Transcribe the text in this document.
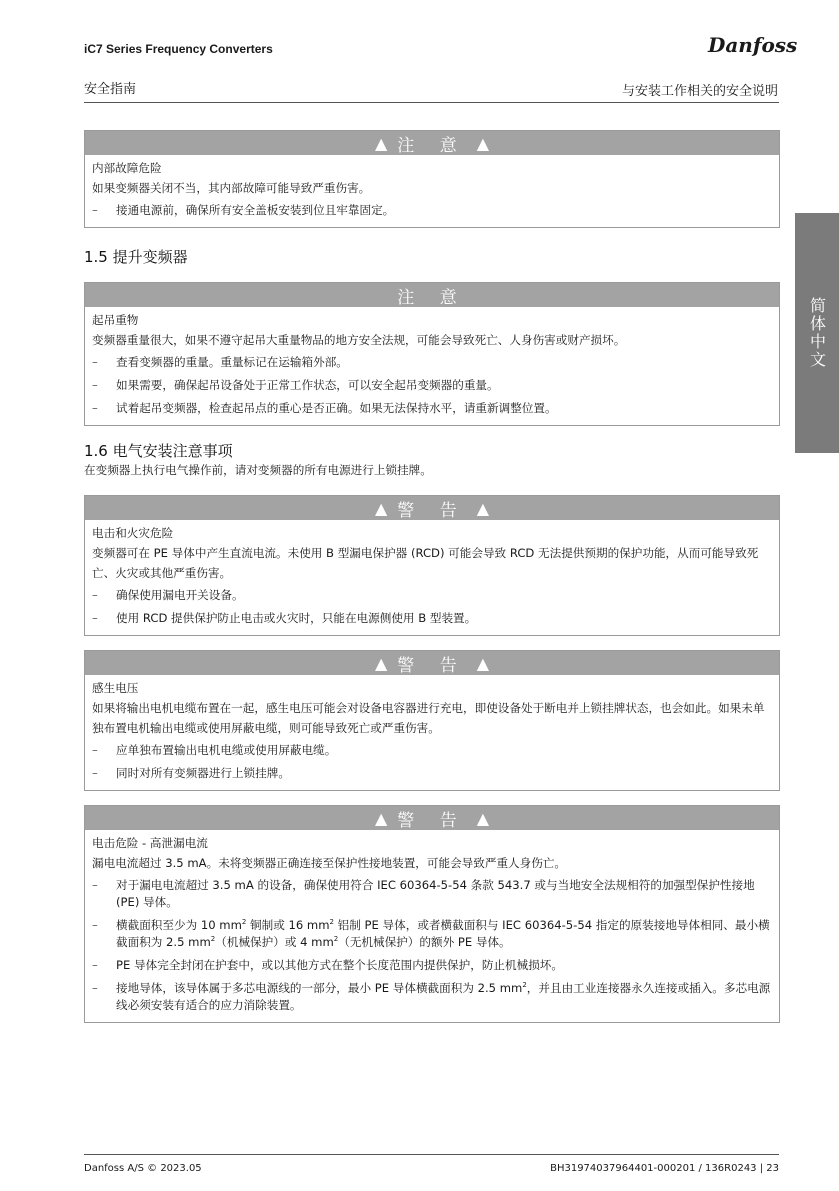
iC7 Series Frequency Converters	Danfoss
安全指南	与安装工作相关的安全说明
简体中文
▲ 注 意 ▲

内部故障危险

如果变频器关闭不当，其内部故障可能导致严重伤害。

–	接通电源前，确保所有安全盖板安装到位且牢靠固定。
1.5 提升变频器
注 意

起吊重物

变频器重量很大，如果不遵守起吊大重量物品的地方安全法规，可能会导致死亡、人身伤害或财产损坏。

–	查看变频器的重量。重量标记在运输箱外部。
–	如果需要，确保起吊设备处于正常工作状态，可以安全起吊变频器的重量。
–	试着起吊变频器，检查起吊点的重心是否正确。如果无法保持水平，请重新调整位置。
1.6 电气安装注意事项
在变频器上执行电气操作前，请对变频器的所有电源进行上锁挂牌。
▲ 警 告 ▲

电击和火灾危险

变频器可在 PE 导体中产生直流电流。未使用 B 型漏电保护器 (RCD) 可能会导致 RCD 无法提供预期的保护功能，从而可能导致死亡、火灾或其他严重伤害。

–	确保使用漏电开关设备。
–	使用 RCD 提供保护防止电击或火灾时，只能在电源侧使用 B 型装置。
▲ 警 告 ▲

感生电压

如果将输出电机电缆布置在一起，感生电压可能会对设备电容器进行充电，即使设备处于断电并上锁挂牌状态，也会如此。如果未单独布置电机输出电缆或使用屏蔽电缆，则可能导致死亡或严重伤害。

–	应单独布置输出电机电缆或使用屏蔽电缆。
–	同时对所有变频器进行上锁挂牌。
▲ 警 告 ▲

电击危险 - 高泄漏电流

漏电电流超过 3.5 mA。未将变频器正确连接至保护性接地装置，可能会导致严重人身伤亡。

–	对于漏电电流超过 3.5 mA 的设备，确保使用符合 IEC 60364-5-54 条款 543.7 或与当地安全法规相符的加强型保护性接地 (PE) 导体。
–	横截面积至少为 10 $mm^2$ 铜制或 16 $mm^2$ 铝制 PE 导体，或者横截面积与 IEC 60364-5-54 指定的原装接地导体相同、最小横截面积为 2.5 $mm^2$（机械保护）或 4 $mm^2$（无机械保护）的额外 PE 导体。
–	PE 导体完全封闭在护套中，或以其他方式在整个长度范围内提供保护，防止机械损坏。
–	接地导体，该导体属于多芯电源线的一部分，最小 PE 导体横截面积为 2.5 $mm^2$，并且由工业连接器永久连接或插入。多芯电源线必须安装有适合的应力消除装置。
Danfoss A/S © 2023.05	BH319740379644​01-000201 / 136R0243 | 23
